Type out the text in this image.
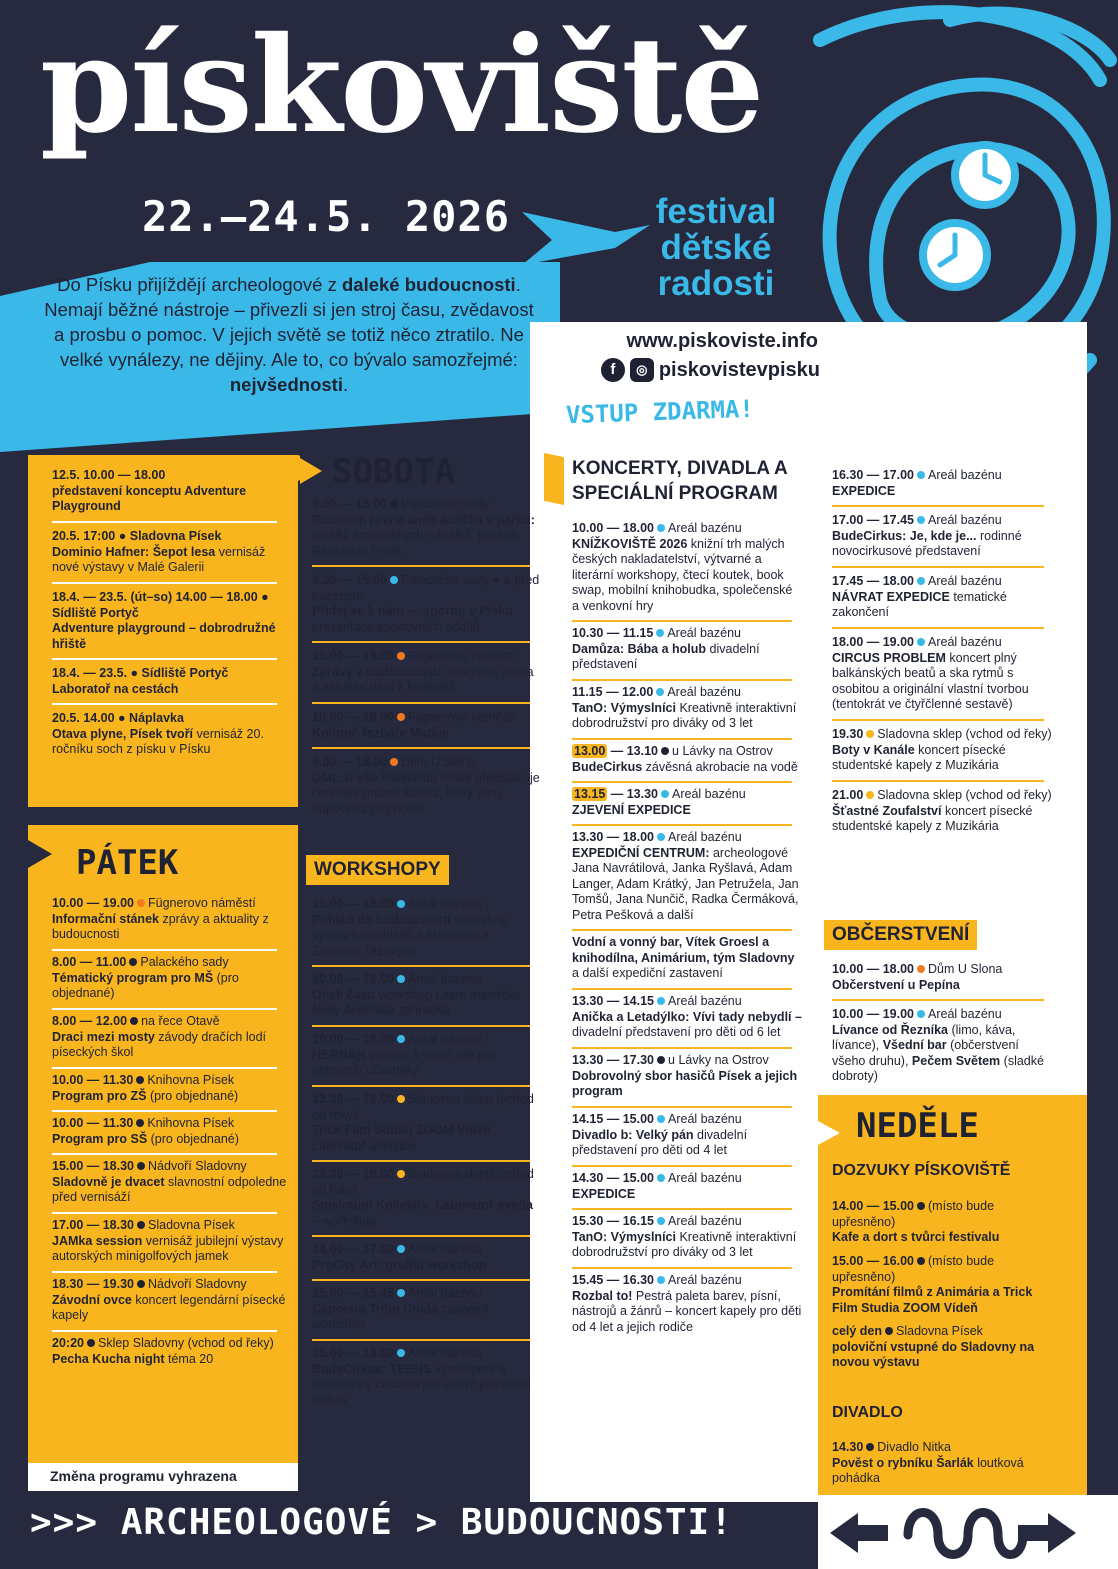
pískoviště
22.—24.5. 2026	festival
dětské
radosti
Do Písku přijíždějí archeologové z daleké budoucnosti. Nemají běžné nástroje – přivezli si jen stroj času, zvědavost a prosbu o pomoc. V jejich světě se totiž něco ztratilo. Ne velké vynálezy, ne dějiny. Ale to, co bývalo samozřejmé: nejvšednosti.
www.piskoviste.info
f	◎ piskovistevpisku
VSTUP ZDARMA!
PÁTEK
Změna programu vyhrazena
SOBOTA
WORKSHOPY
KONCERTY, DIVADLA A SPECIÁLNÍ PROGRAM
OBČERSTVENÍ
NEDĚLE
DOZVUKY PÍSKOVIŠTĚ
DIVADLO
12.5. 10.00 — 18.00
představení konceptu Adventure Playground
20.5. 17:00 ● Sladovna Písek
Dominio Hafner: Šepot lesa vernisáž nové výstavy v Malé Galerii
18.4. — 23.5. (út–so) 14.00 — 18.00 ● Sídliště Portyč
Adventure playground – dobrodružné hřiště
18.4. — 23.5. ● Sídliště Portyč
Laboratoř na cestách
20.5. 14.00 ● Náplavka
Otava plyne, Písek tvoří vernisáž 20. ročníku soch z písku v Písku
10.00 — 19.00 Fügnerovo náměstí
Informační stánek zprávy a aktuality z budoucnosti
8.00 — 11.00 Palackého sady
Tématický program pro MŠ (pro objednané)
8.00 — 12.00 na řece Otavě
Draci mezi mosty závody dračích lodí píseckých škol
10.00 — 11.30 Knihovna Písek
Program pro ZŠ (pro objednané)
10.00 — 11.30 Knihovna Písek
Program pro SŠ (pro objednané)
15.00 — 18.30 Nádvoří Sladovny
Sladovně je dvacet slavnostní odpoledne před vernisáží
17.00 — 18.30 Sladovna Písek
JAMka session vernisáž jubilejní výstavy autorských minigolfových jamek
18.30 — 19.30 Nádvoří Sladovny
Závodní ovce koncert legendární písecké kapely
20:20 Sklep Sladovny (vchod od řeky)
Pecha Kucha night téma 20
9.00 — 15.00 Palackého sady
Robotem rovně aneb autíčka v parku: soutěž amatérských robotiků, pořádá Radioklub Písek
9.30 — 15.00 Palackého sady ● a před bazénem
Přidej se k nám — sportuj v Písku prezentace sportovních oddílů
10.00 — 19.00 Fügnerovo náměstí
Zprávy z budoucnosti: program, mapa a aktuální dění z festivalu
10.00 — 18.00 Fügnerovo náměstí
Kolotoč řezbáře Matěje
9.00 — 18.00 Dům U Slona
OML ví vše Radioklub Písek představuje centrální mozek lidstva, který vám odpoví na co chcete
10.00 — 18.00 Areál bazénu
Pohled do budoucnosti workshop výroby krasohledů s Martinem a Zuzanou Titzovými
10.00 — 18.00 Areál bazénu
Otisk času workshop Lesní mateřské školy Andělská zahrádka
10.00 — 18.00 Areál bazénu
HERNAjs prostor k volné hře pro nejmenší účastníky
13.30 — 18.00 Sladovna sklep (vchod od řeky)
Trick Film Studio ZOOM Vídeň Laboratoř animace
13.30 — 18.00 Sladovna sklep (vchod od řeky)
Spielraum Kollektiv: Laboratoř světla – workshop
14.00 — 17.00 Areál bazénu
ProCity Art: graffiti workshop
15.00 — 15.45 Areál bazénu
Capoeira Tribo Unida capoeira workshop
15.00 — 18.00 Areál bazénu
BudeCirkus: TEENS vystoupení a workshopy cirkusových aktivit pro celou rodinu
10.00 — 18.00 Areál bazénu
KNÍŽKOVIŠTĚ 2026 knižní trh malých českých nakladatelství, výtvarné a literární workshopy, čtecí koutek, book swap, mobilní knihobudka, společenské a venkovní hry
10.30 — 11.15 Areál bazénu
Damůza: Bába a holub divadelní představení
11.15 — 12.00 Areál bazénu
TanO: Výmyslníci Kreativně interaktivní dobrodružství pro diváky od 3 let
13.00 — 13.10 u Lávky na Ostrov
BudeCirkus závěsná akrobacie na vodě
13.15 — 13.30 Areál bazénu
ZJEVENÍ EXPEDICE
13.30 — 18.00 Areál bazénu
EXPEDIČNÍ CENTRUM: archeologové Jana Navrátilová, Janka Ryšlavá, Adam Langer, Adam Krátký, Jan Petružela, Jan Tomšů, Jana Nunčič, Radka Čermáková, Petra Pešková a další
Vodní a vonný bar, Vítek Groesl a knihodílna, Animárium, tým Sladovny a další expediční zastavení
13.30 — 14.15 Areál bazénu
Anička a Letadýlko: Vívi tady nebydlí – divadelní představení pro děti od 6 let
13.30 — 17.30 u Lávky na Ostrov
Dobrovolný sbor hasičů Písek a jejich program
14.15 — 15.00 Areál bazénu
Divadlo b: Velký pán divadelní představení pro děti od 4 let
14.30 — 15.00 Areál bazénu
EXPEDICE
15.30 — 16.15 Areál bazénu
TanO: Výmyslníci Kreativně interaktivní dobrodružství pro diváky od 3 let
15.45 — 16.30 Areál bazénu
Rozbal to! Pestrá paleta barev, písní, nástrojů a žánrů – koncert kapely pro děti od 4 let a jejich rodiče
16.30 — 17.00 Areál bazénu
EXPEDICE
17.00 — 17.45 Areál bazénu
BudeCirkus: Je, kde je... rodinné novocirkusové představení
17.45 — 18.00 Areál bazénu
NÁVRAT EXPEDICE tematické zakončení
18.00 — 19.00 Areál bazénu
CIRCUS PROBLEM koncert plný balkánských beatů a ska rytmů s osobitou a originální vlastní tvorbou (tentokrát ve čtyřčlenné sestavě)
19.30 Sladovna sklep (vchod od řeky)
Boty v Kanále koncert písecké studentské kapely z Muzikária
21.00 Sladovna sklep (vchod od řeky)
Šťastné Zoufalství koncert písecké studentské kapely z Muzikária
10.00 — 18.00 Dům U Slona
Občerstvení u Pepína
10.00 — 19.00 Areál bazénu
Lívance od Řezníka (limo, káva, lívance), Všední bar (občerstvení všeho druhu), Pečem Světem (sladké dobroty)
14.00 — 15.00 (místo bude upřesněno)
Kafe a dort s tvůrci festivalu
15.00 — 16.00 (místo bude upřesněno)
Promítání filmů z Animária a Trick Film Studia ZOOM Vídeň
celý den Sladovna Písek
poloviční vstupné do Sladovny na novou výstavu
14.30 Divadlo Nitka
Pověst o rybníku Šarlák loutková pohádka
>>> ARCHEOLOGOVÉ > BUDOUCNOSTI!
